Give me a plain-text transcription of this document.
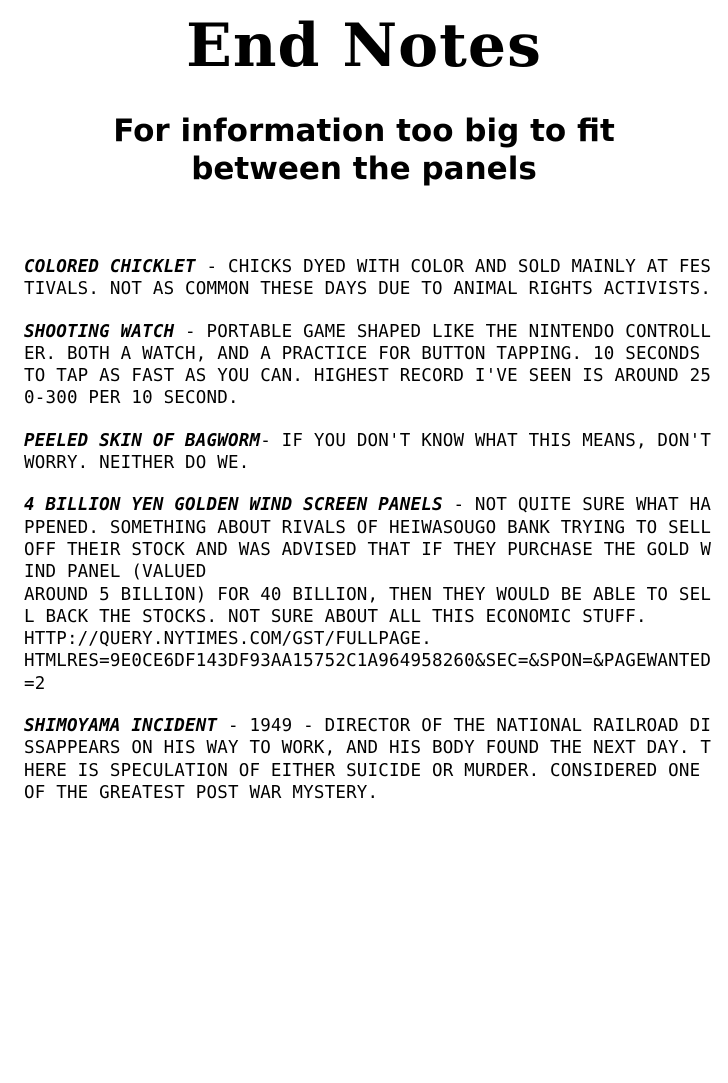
End Notes
For information too big to fit between the panels

COLORED CHICKLET - CHICKS DYED WITH COLOR AND SOLD MAINLY AT FESTIVALS. NOT AS COMMON THESE DAYS DUE TO ANIMAL RIGHTS ACTIVISTS.

SHOOTING WATCH - PORTABLE GAME SHAPED LIKE THE NINTENDO CONTROLLER. BOTH A WATCH, AND A PRACTICE FOR BUTTON TAPPING. 10 SECONDS TO TAP AS FAST AS YOU CAN. HIGHEST RECORD I'VE SEEN IS AROUND 250-300 PER 10 SECOND.

PEELED SKIN OF BAGWORM- IF YOU DON'T KNOW WHAT THIS MEANS, DON'T WORRY. NEITHER DO WE.

4 BILLION YEN GOLDEN WIND SCREEN PANELS - NOT QUITE SURE WHAT HAPPENED. SOMETHING ABOUT RIVALS OF HEIWASOUGO BANK TRYING TO SELL OFF THEIR STOCK AND WAS ADVISED THAT IF THEY PURCHASE THE GOLD WIND PANEL (VALUED
AROUND 5 BILLION) FOR 40 BILLION, THEN THEY WOULD BE ABLE TO SELL BACK THE STOCKS. NOT SURE ABOUT ALL THIS ECONOMIC STUFF.
HTTP://QUERY.NYTIMES.COM/GST/FULLPAGE.
HTMLRES=9E0CE6DF143DF93AA15752C1A964958260&SEC=&SPON=&PAGEWANTED=2

SHIMOYAMA INCIDENT - 1949 - DIRECTOR OF THE NATIONAL RAILROAD DISSAPPEARS ON HIS WAY TO WORK, AND HIS BODY FOUND THE NEXT DAY. THERE IS SPECULATION OF EITHER SUICIDE OR MURDER. CONSIDERED ONE OF THE GREATEST POST WAR MYSTERY.
